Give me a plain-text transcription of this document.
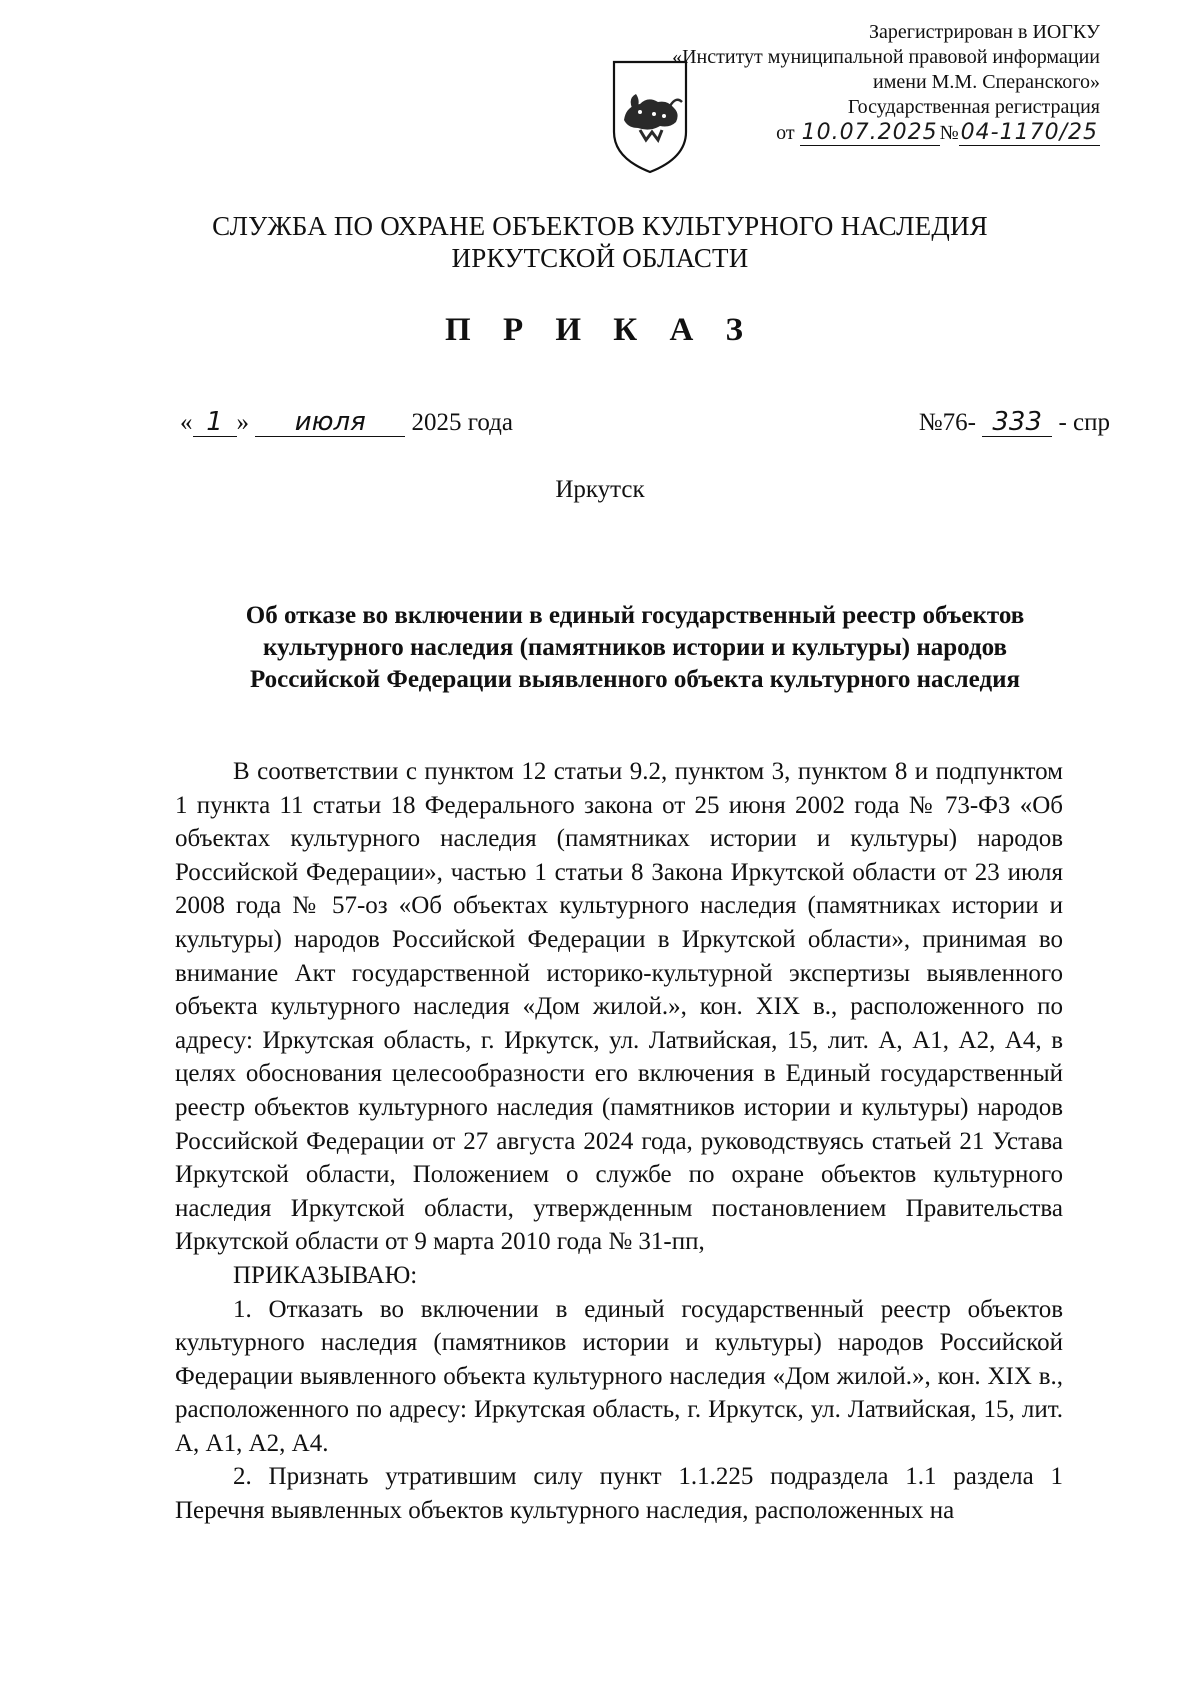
Зарегистрирован в ИОГКУ
«Институт муниципальной правовой информации
имени М.М. Сперанского»
Государственная регистрация
от 10.07.2025 №04-1170/25
СЛУЖБА ПО ОХРАНЕ ОБЪЕКТОВ КУЛЬТУРНОГО НАСЛЕДИЯ
ИРКУТСКОЙ ОБЛАСТИ
П Р И К А З
« 1 » июля 2025 года	№76- 333 - спр
Иркутск
Об отказе во включении в единый государственный реестр объектов
культурного наследия (памятников истории и культуры) народов
Российской Федерации выявленного объекта культурного наследия

В соответствии с пунктом 12 статьи 9.2, пунктом 3, пунктом 8 и подпунктом 1 пункта 11 статьи 18 Федерального закона от 25 июня 2002 года № 73-ФЗ «Об объектах культурного наследия (памятниках истории и культуры) народов Российской Федерации», частью 1 статьи 8 Закона Иркутской области от 23 июля 2008 года № 57-оз «Об объектах культурного наследия (памятниках истории и культуры) народов Российской Федерации в Иркутской области», принимая во внимание Акт государственной историко-культурной экспертизы выявленного объекта культурного наследия «Дом жилой.», кон. XIX в., расположенного по адресу: Иркутская область, г. Иркутск, ул. Латвийская, 15, лит. А, А1, А2, А4, в целях обоснования целесообразности его включения в Единый государственный реестр объектов культурного наследия (памятников истории и культуры) народов Российской Федерации от 27 августа 2024 года, руководствуясь статьей 21 Устава Иркутской области, Положением о службе по охране объектов культурного наследия Иркутской области, утвержденным постановлением Правительства Иркутской области от 9 марта 2010 года № 31-пп,

ПРИКАЗЫВАЮ:

1. Отказать во включении в единый государственный реестр объектов культурного наследия (памятников истории и культуры) народов Российской Федерации выявленного объекта культурного наследия «Дом жилой.», кон. XIX в., расположенного по адресу: Иркутская область, г. Иркутск, ул. Латвийская, 15, лит. А, А1, А2, А4.

2. Признать утратившим силу пункт 1.1.225 подраздела 1.1 раздела 1 Перечня выявленных объектов культурного наследия, расположенных на
